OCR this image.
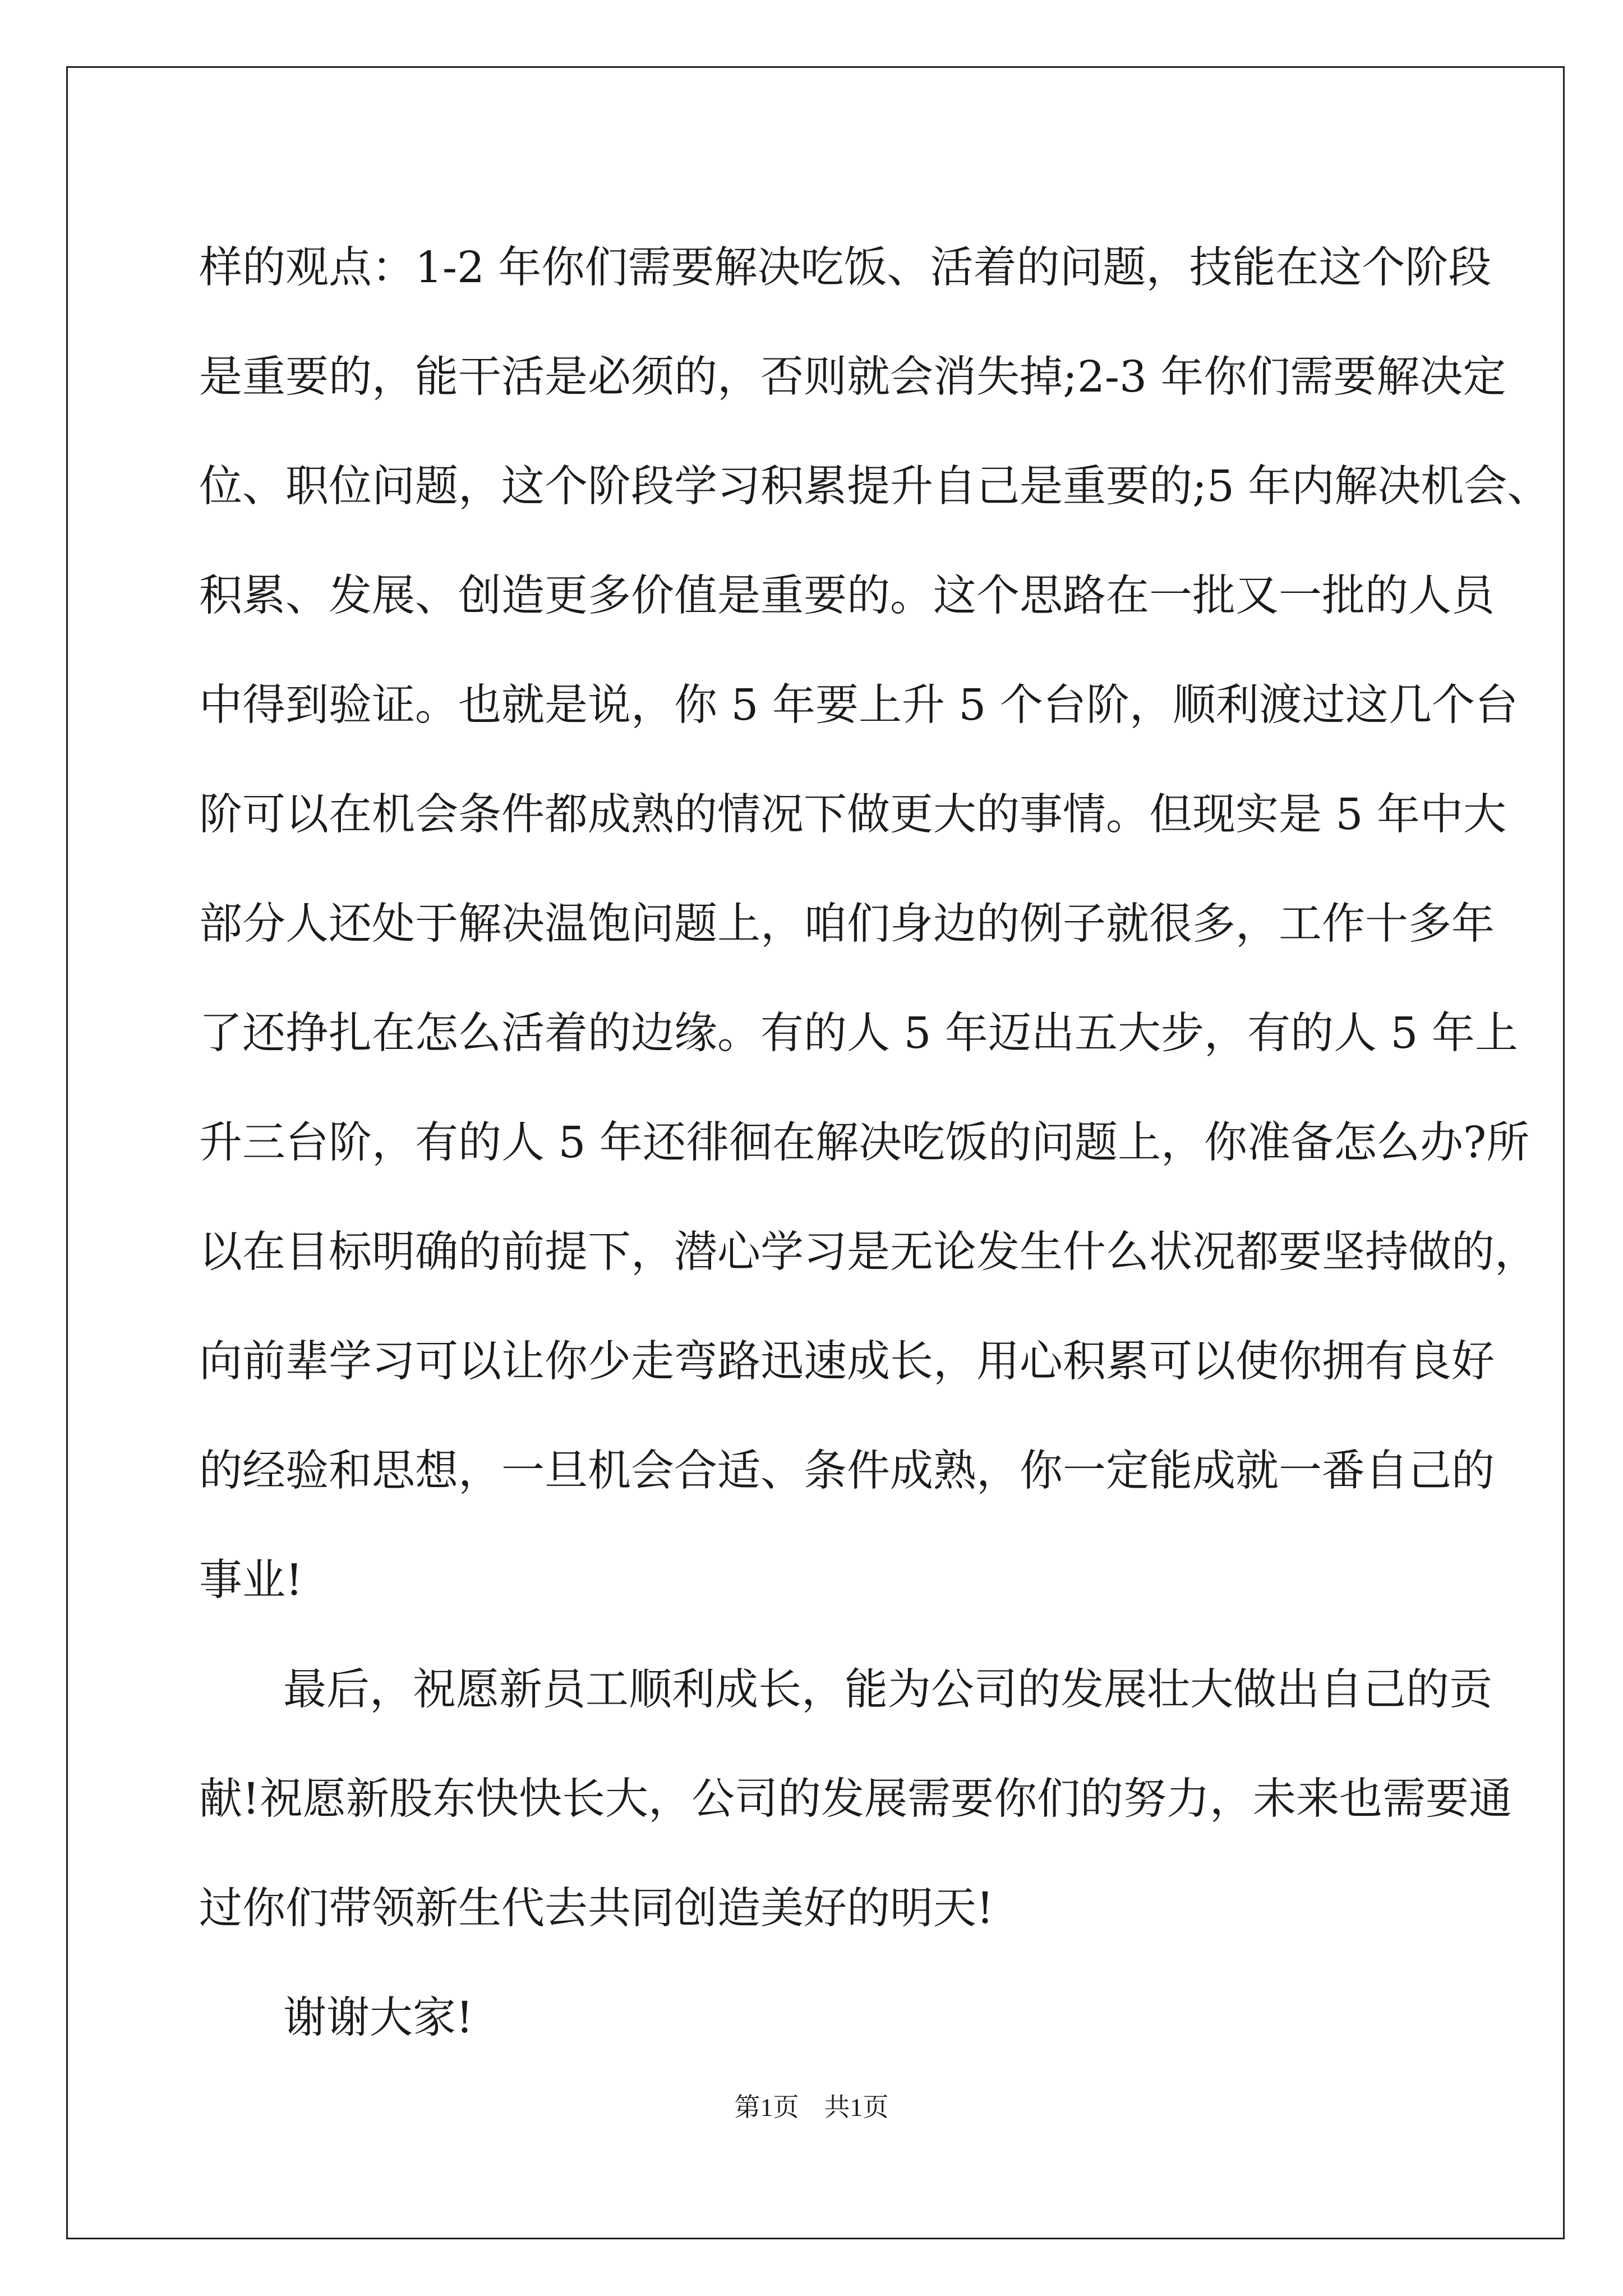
样的观点：1-2 年你们需要解决吃饭、活着的问题，技能在这个阶段
是重要的，能干活是必须的，否则就会消失掉;2-3 年你们需要解决定
位、职位问题，这个阶段学习积累提升自己是重要的;5 年内解决机会、
积累、发展、创造更多价值是重要的。这个思路在一批又一批的人员
中得到验证。也就是说，你 5 年要上升 5 个台阶，顺利渡过这几个台
阶可以在机会条件都成熟的情况下做更大的事情。但现实是 5 年中大
部分人还处于解决温饱问题上，咱们身边的例子就很多，工作十多年
了还挣扎在怎么活着的边缘。有的人 5 年迈出五大步，有的人 5 年上
升三台阶，有的人 5 年还徘徊在解决吃饭的问题上，你准备怎么办?所
以在目标明确的前提下，潜心学习是无论发生什么状况都要坚持做的，
向前辈学习可以让你少走弯路迅速成长，用心积累可以使你拥有良好
的经验和思想，一旦机会合适、条件成熟，你一定能成就一番自己的
事业!
最后，祝愿新员工顺利成长，能为公司的发展壮大做出自己的贡
献!祝愿新股东快快长大，公司的发展需要你们的努力，未来也需要通
过你们带领新生代去共同创造美好的明天!
谢谢大家!
第1页 共1页
